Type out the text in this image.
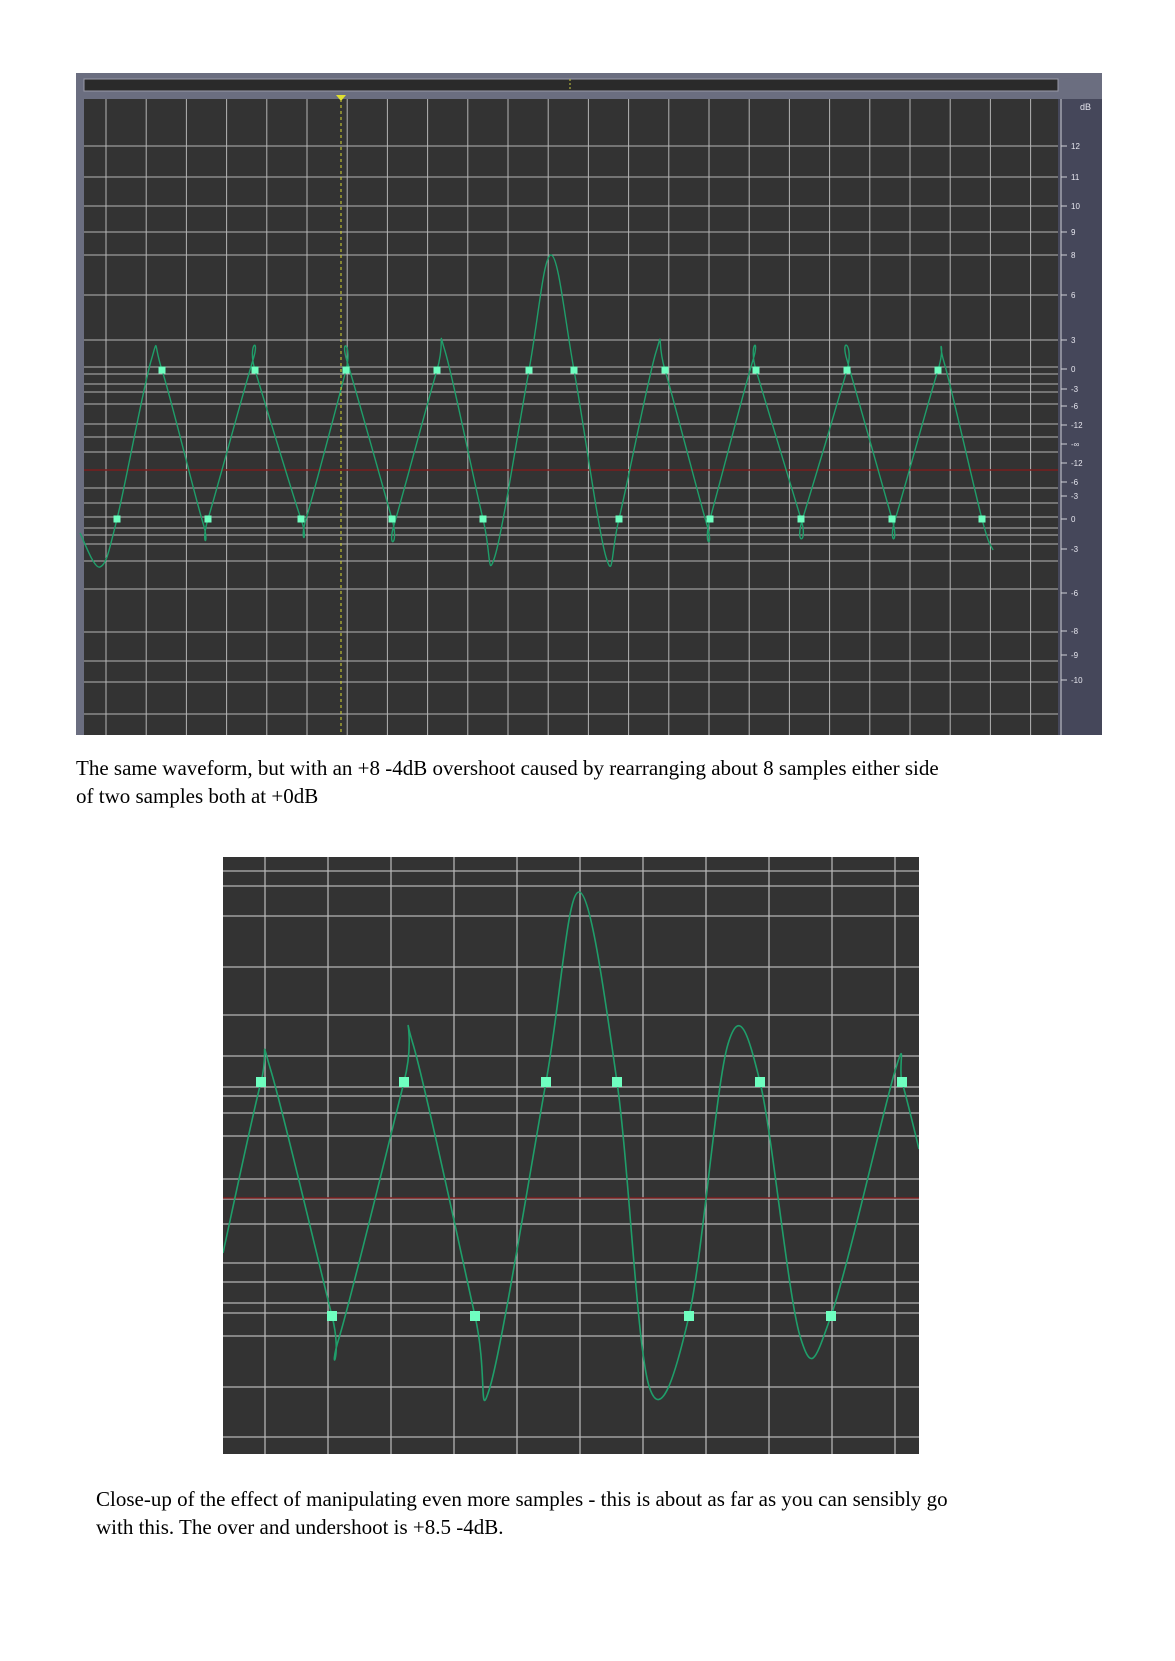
dB
12
11
10
9
8
6
3
0
-3
-6
-12
-∞
-12
-6
-3
0
-3
-6
-8
-9
-10

The same waveform, but with an +8 -4dB overshoot caused by rearranging about 8 samples either side
of two samples both at +0dB

Close-up of the effect of manipulating even more samples - this is about as far as you can sensibly go
with this. The over and undershoot is +8.5 -4dB.
